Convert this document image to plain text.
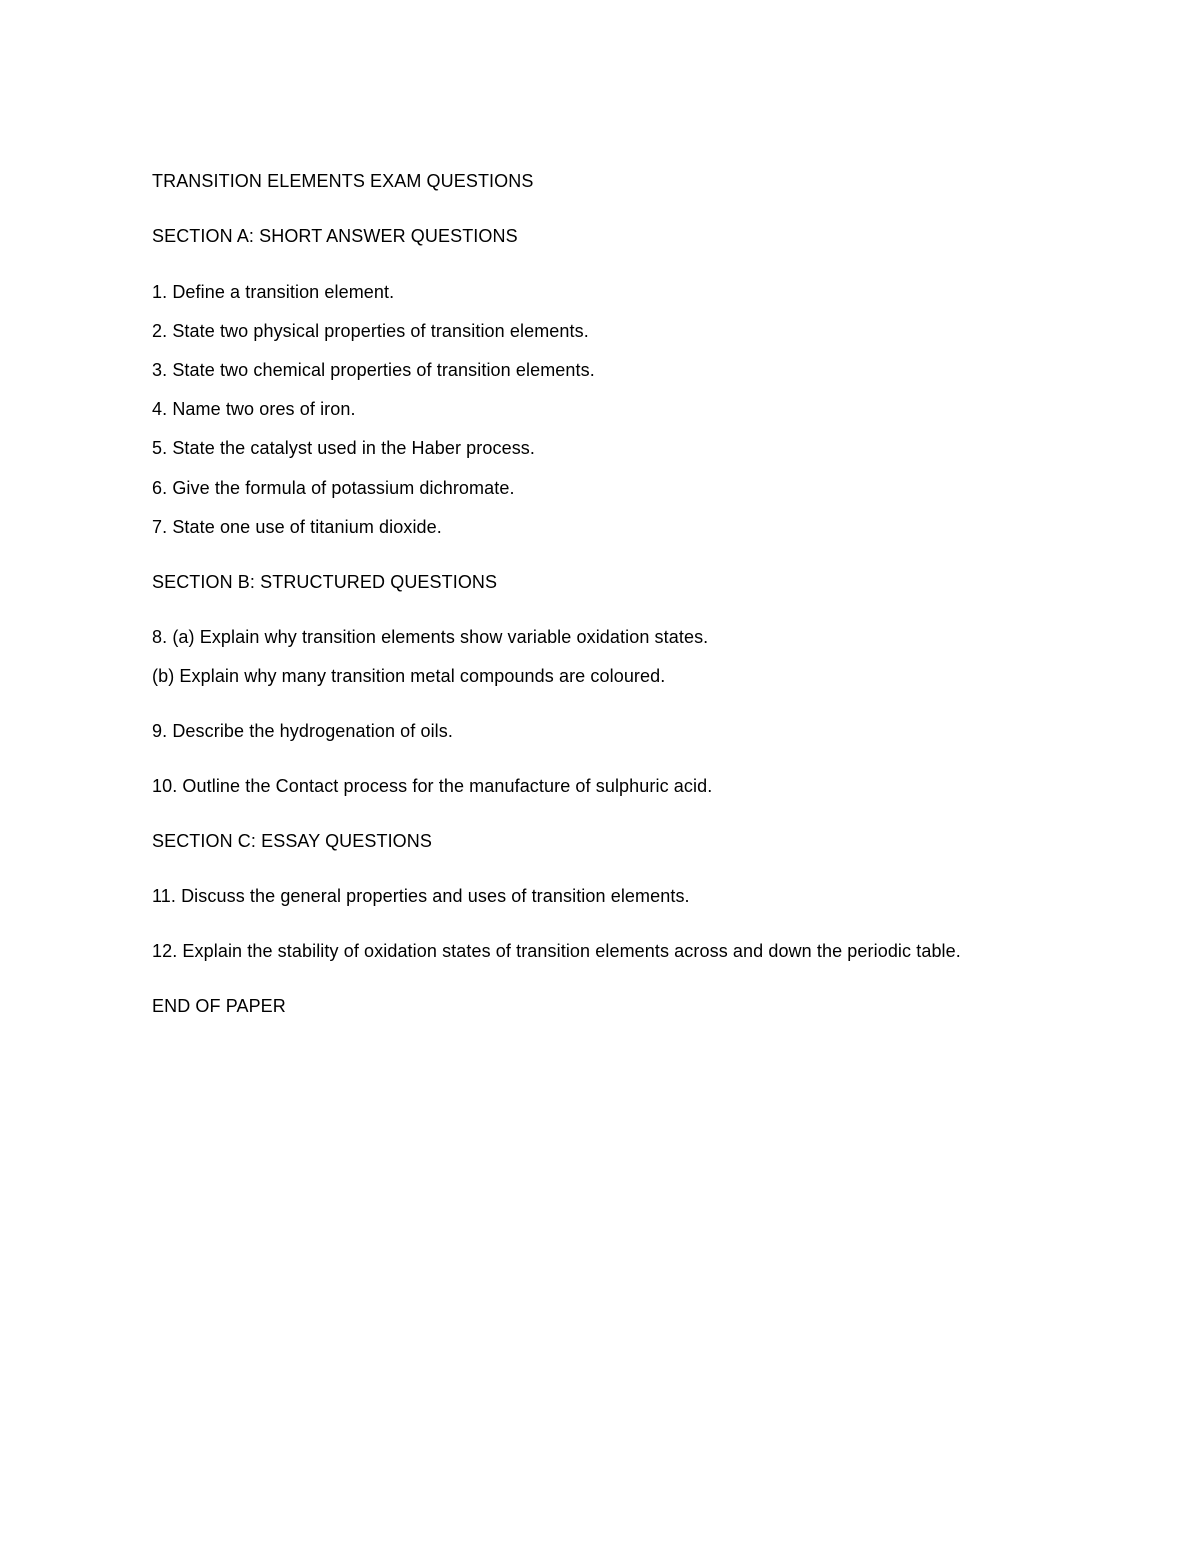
TRANSITION ELEMENTS EXAM QUESTIONS
SECTION A: SHORT ANSWER QUESTIONS
1. Define a transition element.
2. State two physical properties of transition elements.
3. State two chemical properties of transition elements.
4. Name two ores of iron.
5. State the catalyst used in the Haber process.
6. Give the formula of potassium dichromate.
7. State one use of titanium dioxide.
SECTION B: STRUCTURED QUESTIONS
8. (a) Explain why transition elements show variable oxidation states.
(b) Explain why many transition metal compounds are coloured.
9. Describe the hydrogenation of oils.
10. Outline the Contact process for the manufacture of sulphuric acid.
SECTION C: ESSAY QUESTIONS
11. Discuss the general properties and uses of transition elements.
12. Explain the stability of oxidation states of transition elements across and down the periodic table.
END OF PAPER
